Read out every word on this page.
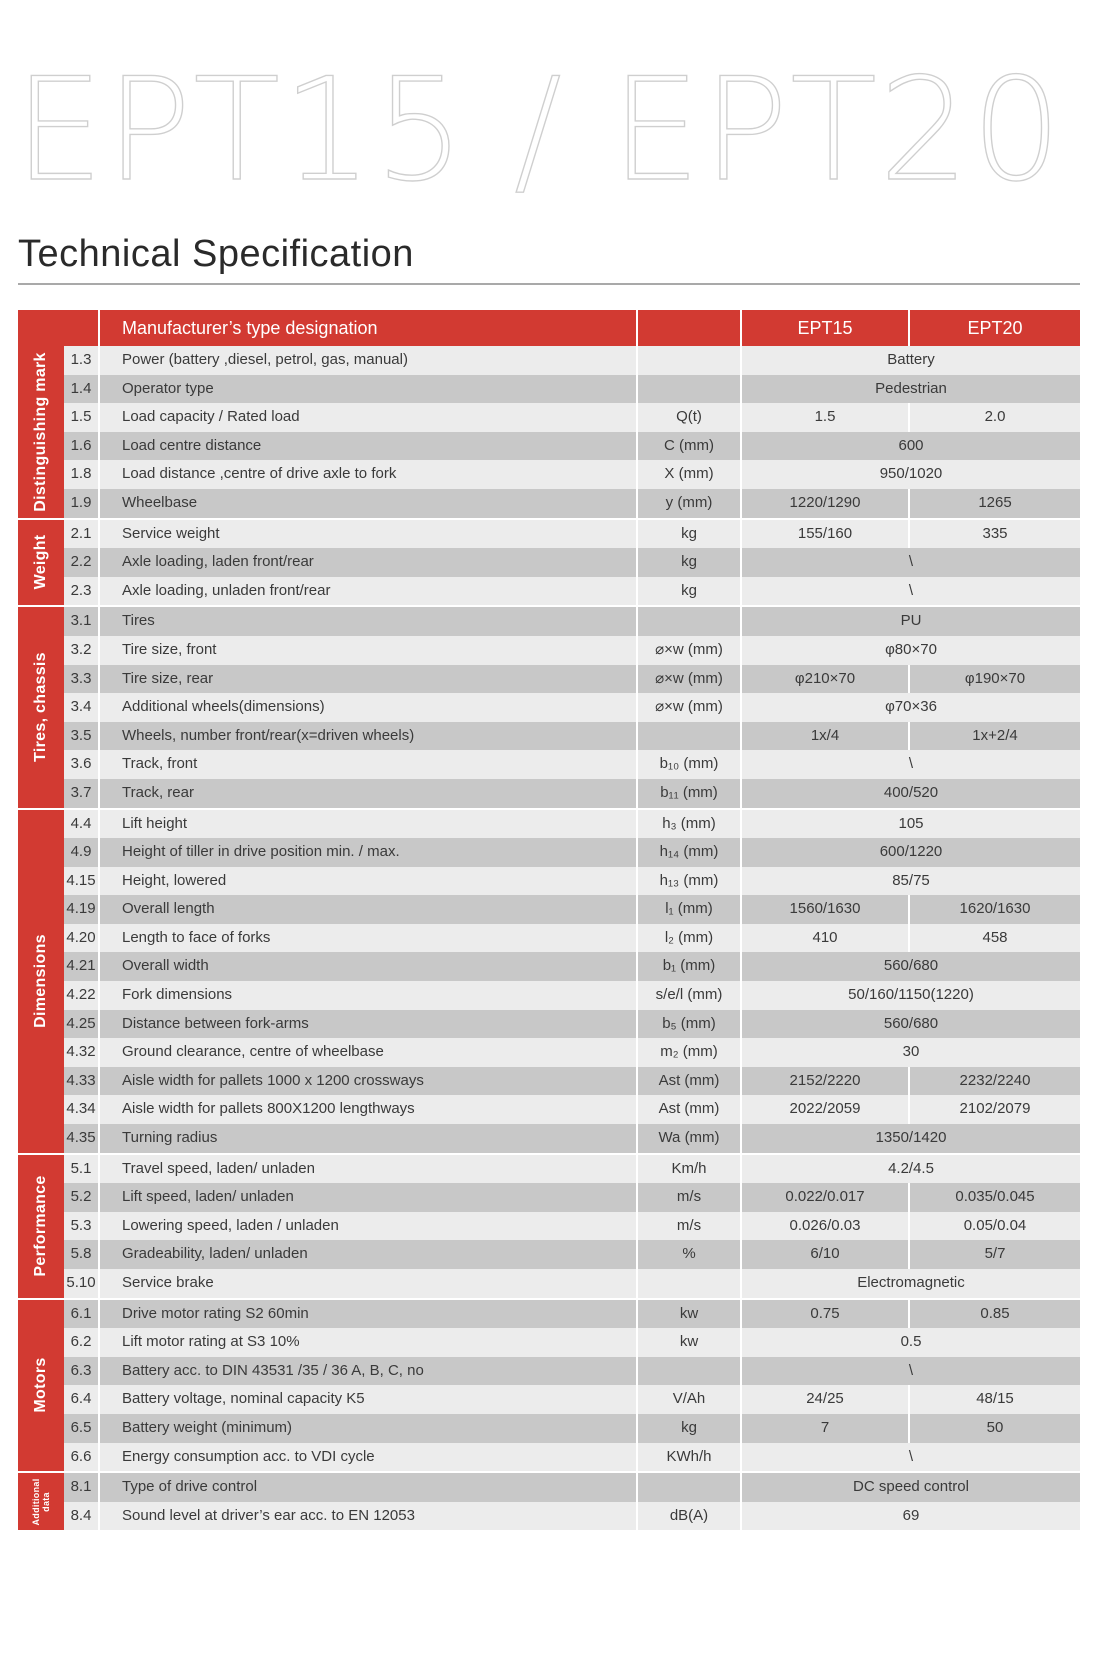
EPT15 / EPT20
Technical Specification
Manufacturer’s type designation	EPT15	EPT20
Distinguishing mark	1.3	Power (battery ,diesel, petrol, gas, manual)	Battery
1.4	Operator type	Pedestrian
1.5	Load capacity / Rated load	Q(t)	1.5	2.0
1.6	Load centre distance	C (mm)	600
1.8	Load distance ,centre of drive axle to fork	X (mm)	950/1020
1.9	Wheelbase	y (mm)	1220/1290	1265
Weight
2.1	Service weight	kg	155/160	335
2.2	Axle loading, laden front/rear	kg	\
2.3	Axle loading, unladen front/rear	kg	\
Tires, chassis
3.1	Tires	PU
3.2	Tire size, front	⌀×w (mm)	φ80×70
3.3	Tire size, rear	⌀×w (mm)	φ210×70	φ190×70
3.4	Additional wheels(dimensions)	⌀×w (mm)	φ70×36
3.5	Wheels, number front/rear(x=driven wheels)	1x/4	1x+2/4
3.6	Track, front	b₁₀ (mm)	\
3.7	Track, rear	b₁₁ (mm)	400/520
Dimensions
4.4	Lift height	h₃ (mm)	105
4.9	Height of tiller in drive position min. / max.	h₁₄ (mm)	600/1220
4.15	Height, lowered	h₁₃ (mm)	85/75
4.19	Overall length	l₁ (mm)	1560/1630	1620/1630
4.20	Length to face of forks	l₂ (mm)	410	458
4.21	Overall width	b₁ (mm)	560/680
4.22	Fork dimensions	s/e/l (mm)	50/160/1150(1220)
4.25	Distance between fork-arms	b₅ (mm)	560/680
4.32	Ground clearance, centre of wheelbase	m₂ (mm)	30
4.33	Aisle width for pallets 1000 x 1200 crossways	Ast (mm)	2152/2220	2232/2240
4.34	Aisle width for pallets 800X1200 lengthways	Ast (mm)	2022/2059	2102/2079
4.35	Turning radius	Wa (mm)	1350/1420
Performance
5.1	Travel speed, laden/ unladen	Km/h	4.2/4.5
5.2	Lift speed, laden/ unladen	m/s	0.022/0.017	0.035/0.045
5.3	Lowering speed, laden / unladen	m/s	0.026/0.03	0.05/0.04
5.8	Gradeability, laden/ unladen	%	6/10	5/7
5.10	Service brake	Electromagnetic
Motors
6.1	Drive motor rating S2 60min	kw	0.75	0.85
6.2	Lift motor rating at S3 10%	kw	0.5
6.3	Battery acc. to DIN 43531 /35 / 36 A, B, C, no	\
6.4	Battery voltage, nominal capacity K5	V/Ah	24/25	48/15
6.5	Battery weight (minimum)	kg	7	50
6.6	Energy consumption acc. to VDI cycle	KWh/h	\
Additional data
8.1	Type of drive control	DC speed control
8.4	Sound level at driver’s ear acc. to EN 12053	dB(A)	69
